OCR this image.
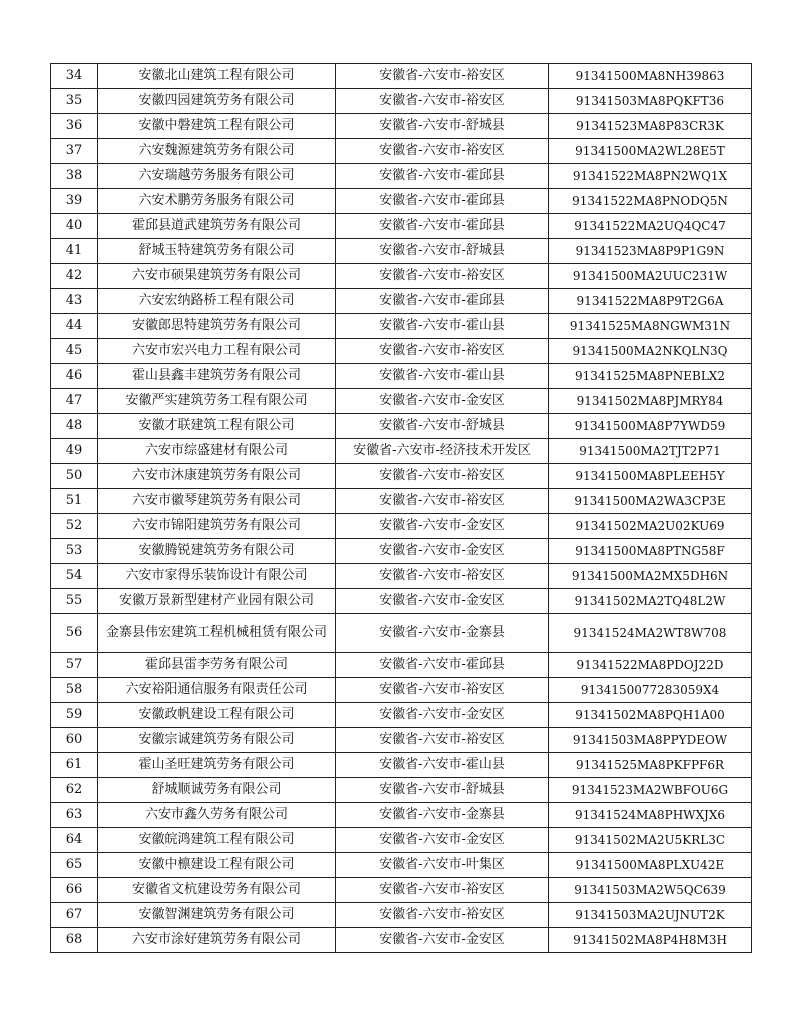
34	安徽北山建筑工程有限公司	安徽省-六安市-裕安区	91341500MA8NH39863
35	安徽四园建筑劳务有限公司	安徽省-六安市-裕安区	91341503MA8PQKFT36
36	安徽中磐建筑工程有限公司	安徽省-六安市-舒城县	91341523MA8P83CR3K
37	六安魏源建筑劳务有限公司	安徽省-六安市-裕安区	91341500MA2WL28E5T
38	六安瑞越劳务服务有限公司	安徽省-六安市-霍邱县	91341522MA8PN2WQ1X
39	六安术鹏劳务服务有限公司	安徽省-六安市-霍邱县	91341522MA8PNODQ5N
40	霍邱县道武建筑劳务有限公司	安徽省-六安市-霍邱县	91341522MA2UQ4QC47
41	舒城玉特建筑劳务有限公司	安徽省-六安市-舒城县	91341523MA8P9P1G9N
42	六安市硕果建筑劳务有限公司	安徽省-六安市-裕安区	91341500MA2UUC231W
43	六安宏纳路桥工程有限公司	安徽省-六安市-霍邱县	91341522MA8P9T2G6A
44	安徽郎思特建筑劳务有限公司	安徽省-六安市-霍山县	91341525MA8NGWM31N
45	六安市宏兴电力工程有限公司	安徽省-六安市-裕安区	91341500MA2NKQLN3Q
46	霍山县鑫丰建筑劳务有限公司	安徽省-六安市-霍山县	91341525MA8PNEBLX2
47	安徽严实建筑劳务工程有限公司	安徽省-六安市-金安区	91341502MA8PJMRY84
48	安徽才联建筑工程有限公司	安徽省-六安市-舒城县	91341500MA8P7YWD59
49	六安市综盛建材有限公司	安徽省-六安市-经济技术开发区	91341500MA2TJT2P71
50	六安市沐康建筑劳务有限公司	安徽省-六安市-裕安区	91341500MA8PLEEH5Y
51	六安市徽琴建筑劳务有限公司	安徽省-六安市-裕安区	91341500MA2WA3CP3E
52	六安市锦阳建筑劳务有限公司	安徽省-六安市-金安区	91341502MA2U02KU69
53	安徽腾锐建筑劳务有限公司	安徽省-六安市-金安区	91341500MA8PTNG58F
54	六安市家得乐装饰设计有限公司	安徽省-六安市-裕安区	91341500MA2MX5DH6N
55	安徽万景新型建材产业园有限公司	安徽省-六安市-金安区	91341502MA2TQ48L2W
56	金寨县伟宏建筑工程机械租赁有限公司	安徽省-六安市-金寨县	91341524MA2WT8W708
57	霍邱县雷李劳务有限公司	安徽省-六安市-霍邱县	91341522MA8PDOJ22D
58	六安裕阳通信服务有限责任公司	安徽省-六安市-裕安区	9134150077283059X4
59	安徽政帆建设工程有限公司	安徽省-六安市-金安区	91341502MA8PQH1A00
60	安徽宗诚建筑劳务有限公司	安徽省-六安市-裕安区	91341503MA8PPYDEOW
61	霍山圣旺建筑劳务有限公司	安徽省-六安市-霍山县	91341525MA8PKFPF6R
62	舒城顺诚劳务有限公司	安徽省-六安市-舒城县	91341523MA2WBFOU6G
63	六安市鑫久劳务有限公司	安徽省-六安市-金寨县	91341524MA8PHWXJX6
64	安徽皖鸿建筑工程有限公司	安徽省-六安市-金安区	91341502MA2U5KRL3C
65	安徽中檩建设工程有限公司	安徽省-六安市-叶集区	91341500MA8PLXU42E
66	安徽省文杭建设劳务有限公司	安徽省-六安市-裕安区	91341503MA2W5QC639
67	安徽智渊建筑劳务有限公司	安徽省-六安市-裕安区	91341503MA2UJNUT2K
68	六安市涂好建筑劳务有限公司	安徽省-六安市-金安区	91341502MA8P4H8M3H
